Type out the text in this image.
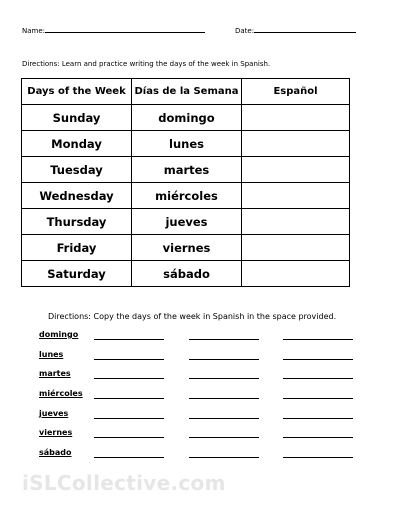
Name:	Date:
Directions: Learn and practice writing the days of the week in Spanish.
Days of the Week	Días de la Semana	Español
Sunday	domingo	
Monday	lunes	
Tuesday	martes	
Wednesday	miércoles	
Thursday	jueves	
Friday	viernes	
Saturday	sábado	
Directions: Copy the days of the week in Spanish in the space provided.
domingo
lunes
martes
miércoles
jueves
viernes
sábado
iSLCollective.com
